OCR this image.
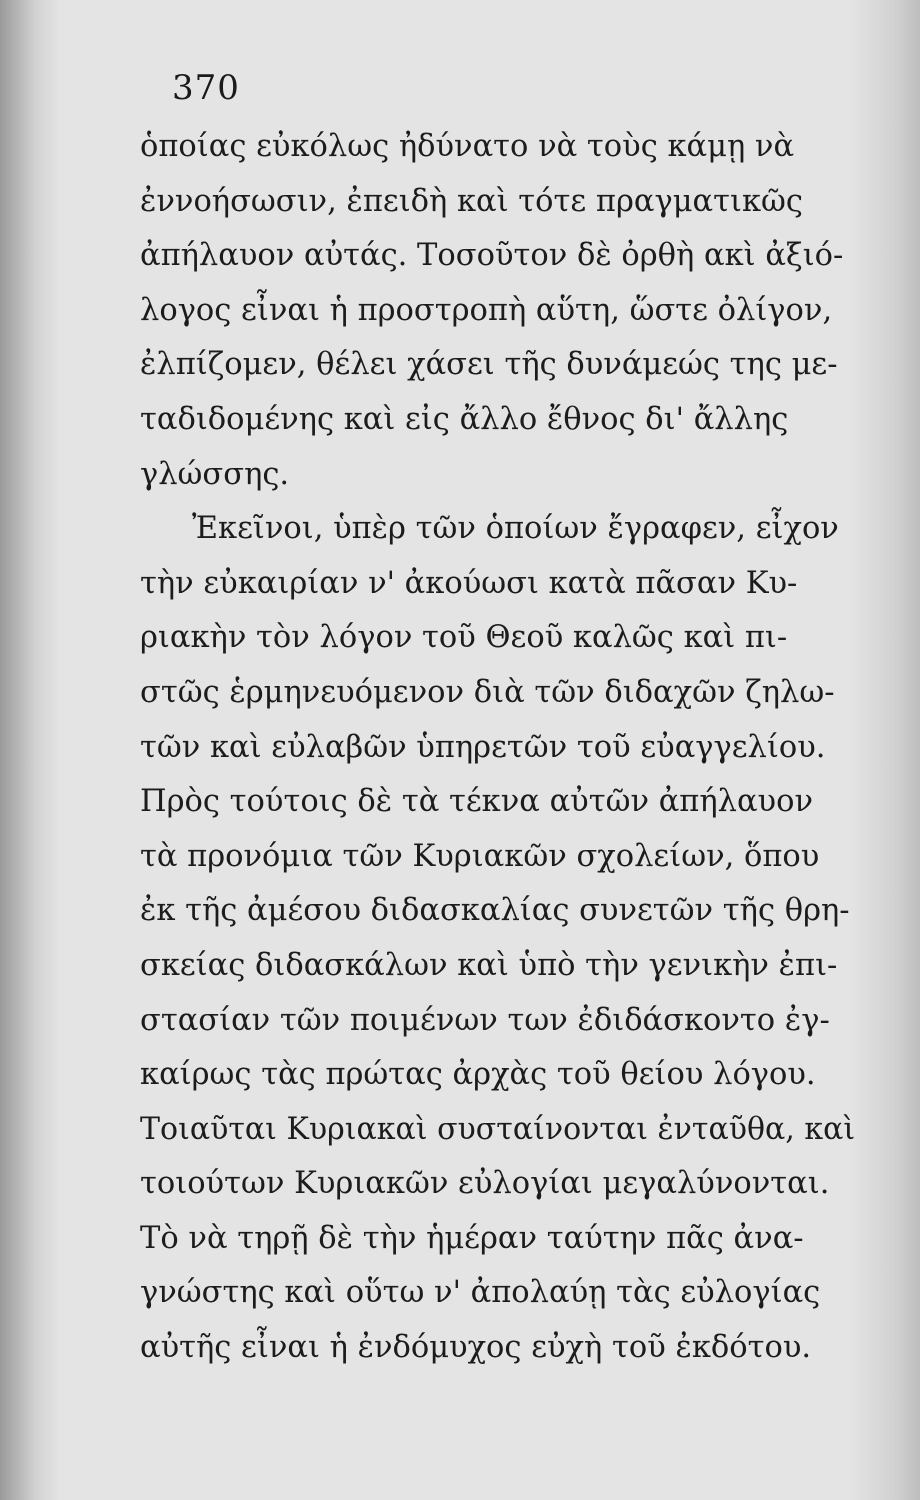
370
ὁποίας εὐκόλως ἠδύνατο νὰ τοὺς κάμῃ νὰ
ἐννοήσωσιν, ἐπειδὴ καὶ τότε πραγματικῶς
ἀπήλαυον αὐτάς. Τοσοῦτον δὲ ὀρθὴ ακὶ ἀξιό-
λογος εἶναι ἡ προστροπὴ αὕτη, ὥστε ὀλίγον,
ἐλπίζομεν, θέλει χάσει τῆς δυνάμεώς της με-
ταδιδομένης καὶ εἰς ἄλλο ἔθνος δι' ἄλλης
γλώσσης.
Ἐκεῖνοι, ὑπὲρ τῶν ὁποίων ἔγραφεν, εἶχον
τὴν εὐκαιρίαν ν' ἀκούωσι κατὰ πᾶσαν Κυ-
ριακὴν τὸν λόγον τοῦ Θεοῦ καλῶς καὶ πι-
στῶς ἑρμηνευόμενον διὰ τῶν διδαχῶν ζηλω-
τῶν καὶ εὐλαβῶν ὑπηρετῶν τοῦ εὐαγγελίου.
Πρὸς τούτοις δὲ τὰ τέκνα αὐτῶν ἀπήλαυον
τὰ προνόμια τῶν Κυριακῶν σχολείων, ὅπου
ἐκ τῆς ἀμέσου διδασκαλίας συνετῶν τῆς θρη-
σκείας διδασκάλων καὶ ὑπὸ τὴν γενικὴν ἐπι-
στασίαν τῶν ποιμένων των ἐδιδάσκοντο ἐγ-
καίρως τὰς πρώτας ἀρχὰς τοῦ θείου λόγου.
Τοιαῦται Κυριακαὶ συσταίνονται ἐνταῦθα, καὶ
τοιούτων Κυριακῶν εὐλογίαι μεγαλύνονται.
Τὸ νὰ τηρῇ δὲ τὴν ἡμέραν ταύτην πᾶς ἀνα-
γνώστης καὶ οὕτω ν' ἀπολαύῃ τὰς εὐλογίας
αὐτῆς εἶναι ἡ ἐνδόμυχος εὐχὴ τοῦ ἐκδότου.
